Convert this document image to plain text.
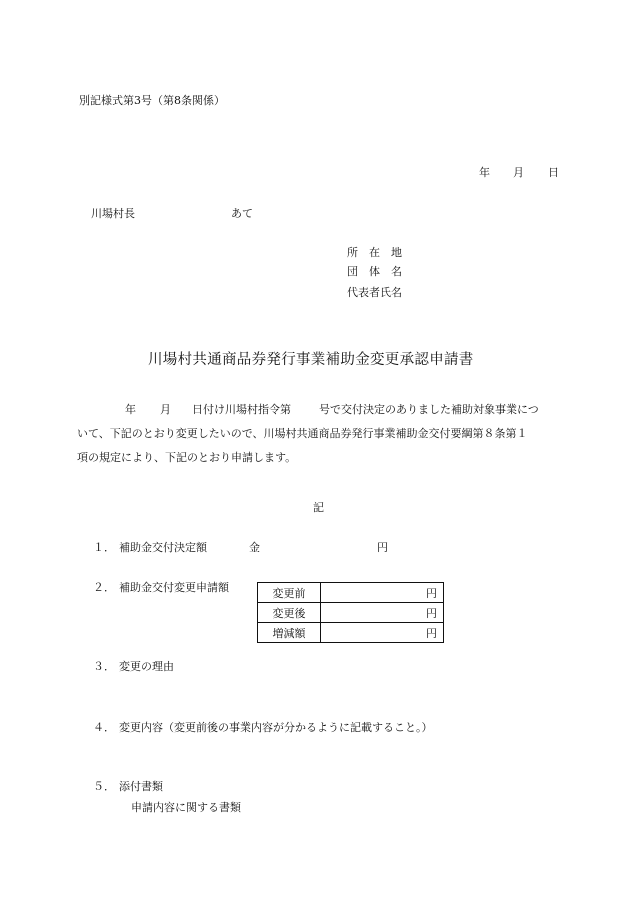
別記様式第3号（第8条関係）
年 月 日
川場村長	あて
所　在　地
団　体　名
代表者氏名
川場村共通商品券発行事業補助金変更承認申請書
年 月 日付け川場村指令第	号で交付決定のありました補助対象事業につ
いて、下記のとおり変更したいので、川場村共通商品券発行事業補助金交付要綱第８条第１
項の規定により、下記のとおり申請します。
記
１． 補助金交付決定額	金	円
２． 補助金交付変更申請額	変更前	円
変更後	円
増減額	円
３． 変更の理由
４． 変更内容（変更前後の事業内容が分かるように記載すること。）
５． 添付書類
申請内容に関する書類
